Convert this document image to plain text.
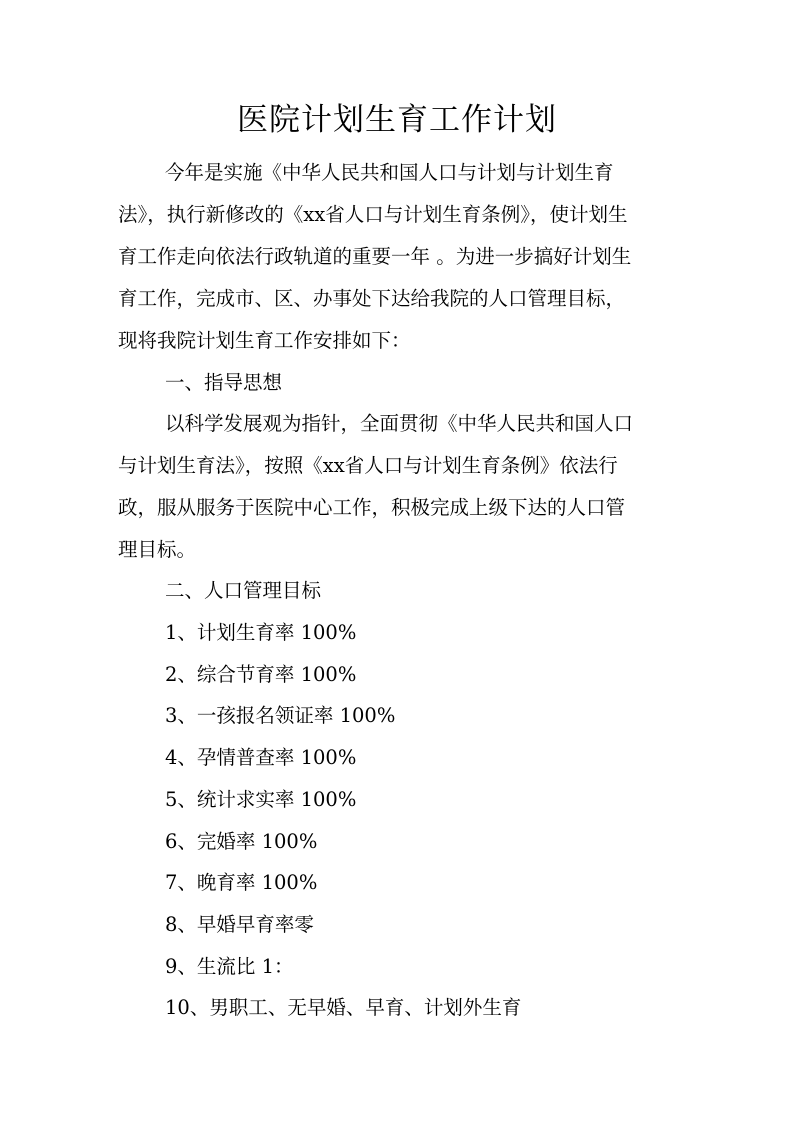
医院计划生育工作计划
今年是实施《中华人民共和国人口与计划与计划生育
法》，执行新修改的《xx省人口与计划生育条例》，使计划生
育工作走向依法行政轨道的重要一年 。为进一步搞好计划生
育工作，完成市、区、办事处下达给我院的人口管理目标，
现将我院计划生育工作安排如下：
一、指导思想
以科学发展观为指针，全面贯彻《中华人民共和国人口
与计划生育法》，按照《xx省人口与计划生育条例》依法行
政，服从服务于医院中心工作，积极完成上级下达的人口管
理目标。
二、人口管理目标
1、计划生育率 100%
2、综合节育率 100%
3、一孩报名领证率 100%
4、孕情普查率 100%
5、统计求实率 100%
6、完婚率 100%
7、晚育率 100%
8、早婚早育率零
9、生流比 1：
10、男职工、无早婚、早育、计划外生育
